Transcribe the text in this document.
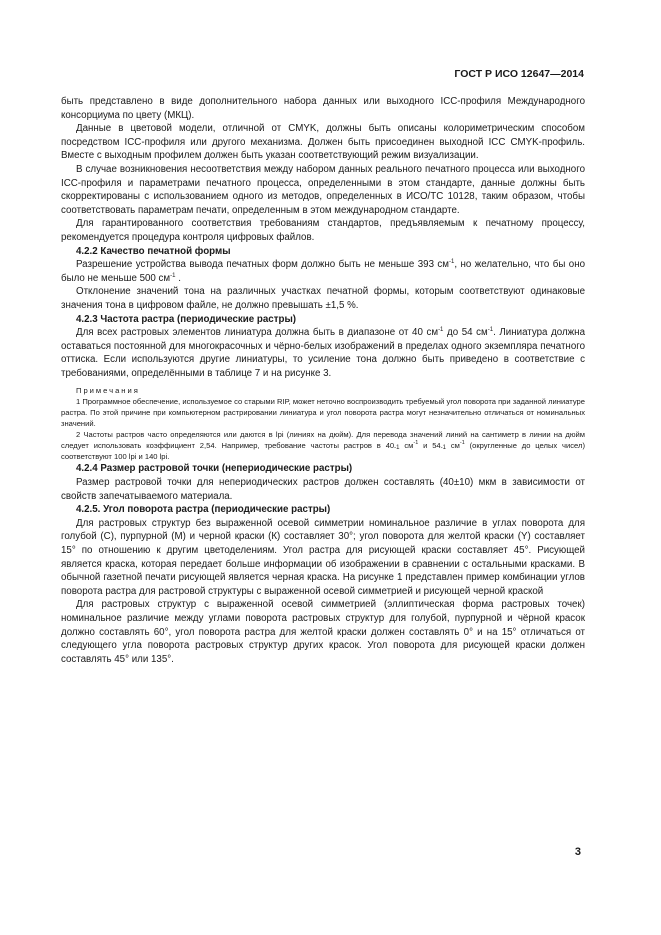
ГОСТ Р ИСО 12647—2014

быть представлено в виде дополнительного набора данных или выходного ICC-профиля Международного консорциума по цвету (МКЦ).

Данные в цветовой модели, отличной от CMYK, должны быть описаны колориметрическим способом посредством ICC-профиля или другого механизма. Должен быть присоединен выходной ICC CMYK-профиль. Вместе с выходным профилем должен быть указан соответствующий режим визуализации.

В случае возникновения несоответствия между набором данных реального печатного процесса или выходного ICC-профиля и параметрами печатного процесса, определенными в этом стандарте, данные должны быть скорректированы с использованием одного из методов, определенных в ИСО/ТС 10128, таким образом, чтобы соответствовать параметрам печати, определенным в этом международном стандарте.

Для гарантированного соответствия требованиям стандартов, предъявляемым к печатному процессу, рекомендуется процедура контроля цифровых файлов.

4.2.2 Качество печатной формы

Разрешение устройства вывода печатных форм должно быть не меньше 393 $см^{-1}$, но желательно, что бы оно было не меньше 500 $см^{-1}$ .

Отклонение значений тона на различных участках печатной формы, которым соответствуют одинаковые значения тона в цифровом файле, не должно превышать ±1,5 %.

4.2.3 Частота растра (периодические растры)

Для всех растровых элементов линиатура должна быть в диапазоне от 40 $см^{-1}$ до 54 $см^{-1}$. Линиатура должна оставаться постоянной для многокрасочных и чёрно-белых изображений в пределах одного экземпляра печатного оттиска. Если используются другие линиатуры, то усиление тона должно быть приведено в соответствие с требованиями, определёнными в таблице 7 и на рисунке 3.

Примечания

1 Программное обеспечение, используемое со старыми RIP, может неточно воспроизводить требуемый угол поворота при заданной линиатуре растра. По этой причине при компьютерном растрировании линиатура и угол поворота растра могут незначительно отличаться от номинальных значений.

2 Частоты растров часто определяются или даются в lpi (линиях на дюйм). Для перевода значений линий на сантиметр в линии на дюйм следует использовать коэффициент 2,54. Например, требование частоты растров в $40_{-1}$ $см^{-1}$ и $54_{-1}$ $см^{-1}$ (округленные до целых чисел) соответствуют 100 lpi и 140 lpi.

4.2.4 Размер растровой точки (непериодические растры)

Размер растровой точки для непериодических растров должен составлять (40±10) мкм в зависимости от свойств запечатываемого материала.

4.2.5. Угол поворота растра (периодические растры)

Для растровых структур без выраженной осевой симметрии номинальное различие в углах поворота для голубой (С), пурпурной (М) и черной краски (К) составляет 30°; угол поворота для желтой краски (Y) составляет 15° по отношению к другим цветоделениям. Угол растра для рисующей краски составляет 45°. Рисующей является краска, которая передает больше информации об изображении в сравнении с остальными красками. В обычной газетной печати рисующей является черная краска. На рисунке 1 представлен пример комбинации углов поворота растра для растровой структуры с выраженной осевой симметрией и рисующей черной краской

Для растровых структур с выраженной осевой симметрией (эллиптическая форма растровых точек) номинальное различие между углами поворота растровых структур для голубой, пурпурной и чёрной красок должно составлять 60°, угол поворота растра для желтой краски должен составлять 0° и на 15° отличаться от следующего угла поворота растровых структур других красок. Угол поворота для рисующей краски должен составлять 45° или 135°.

3
